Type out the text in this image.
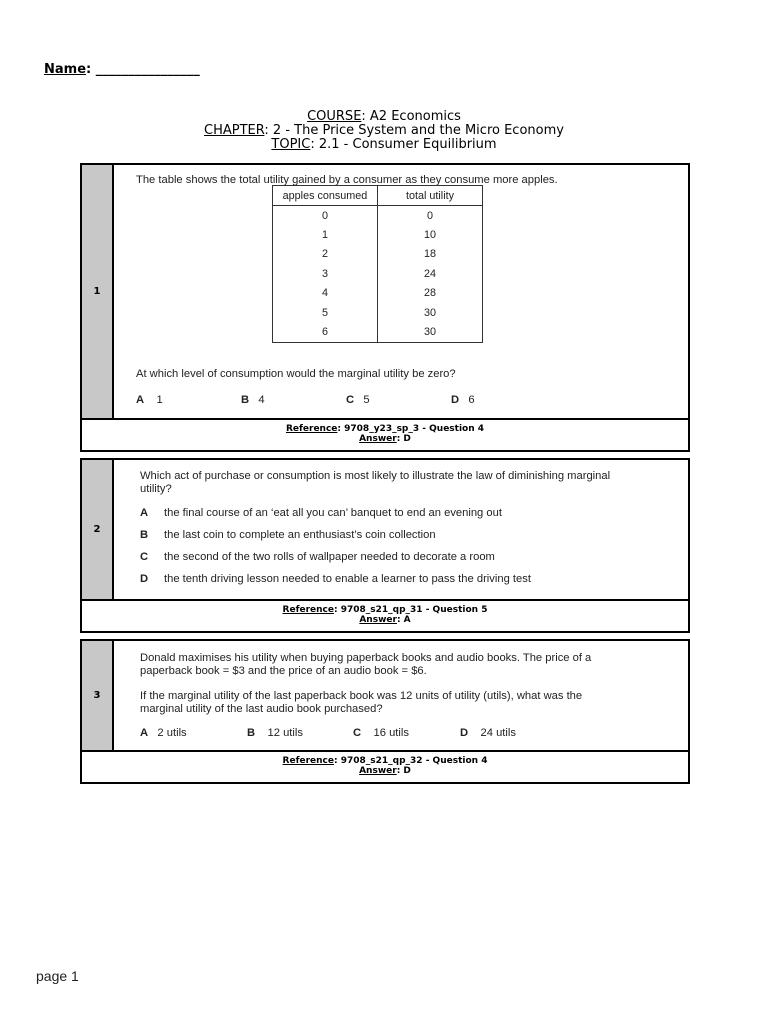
Name: ________________
COURSE: A2 Economics
CHAPTER: 2 - The Price System and the Micro Economy
TOPIC: 2.1 - Consumer Equilibrium
1
The table shows the total utility gained by a consumer as they consume more apples.
apples consumed	total utility
0	0
1	10
2	18
3	24
4	28
5	30
6	30
At which level of consumption would the marginal utility be zero?
A 1	B 4	C 5	D 6
Reference: 9708_y23_sp_3 - Question 4
Answer: D
2
Which act of purchase or consumption is most likely to illustrate the law of diminishing marginal
utility?
A the final course of an ‘eat all you can’ banquet to end an evening out
B the last coin to complete an enthusiast’s coin collection
C the second of the two rolls of wallpaper needed to decorate a room
D the tenth driving lesson needed to enable a learner to pass the driving test
Reference: 9708_s21_qp_31 - Question 5
Answer: A
3
Donald maximises his utility when buying paperback books and audio books. The price of a
paperback book = $3 and the price of an audio book = $6.
If the marginal utility of the last paperback book was 12 units of utility (utils), what was the
marginal utility of the last audio book purchased?
A 2 utils	B 12 utils	C 16 utils	D 24 utils
Reference: 9708_s21_qp_32 - Question 4
Answer: D
page 1
